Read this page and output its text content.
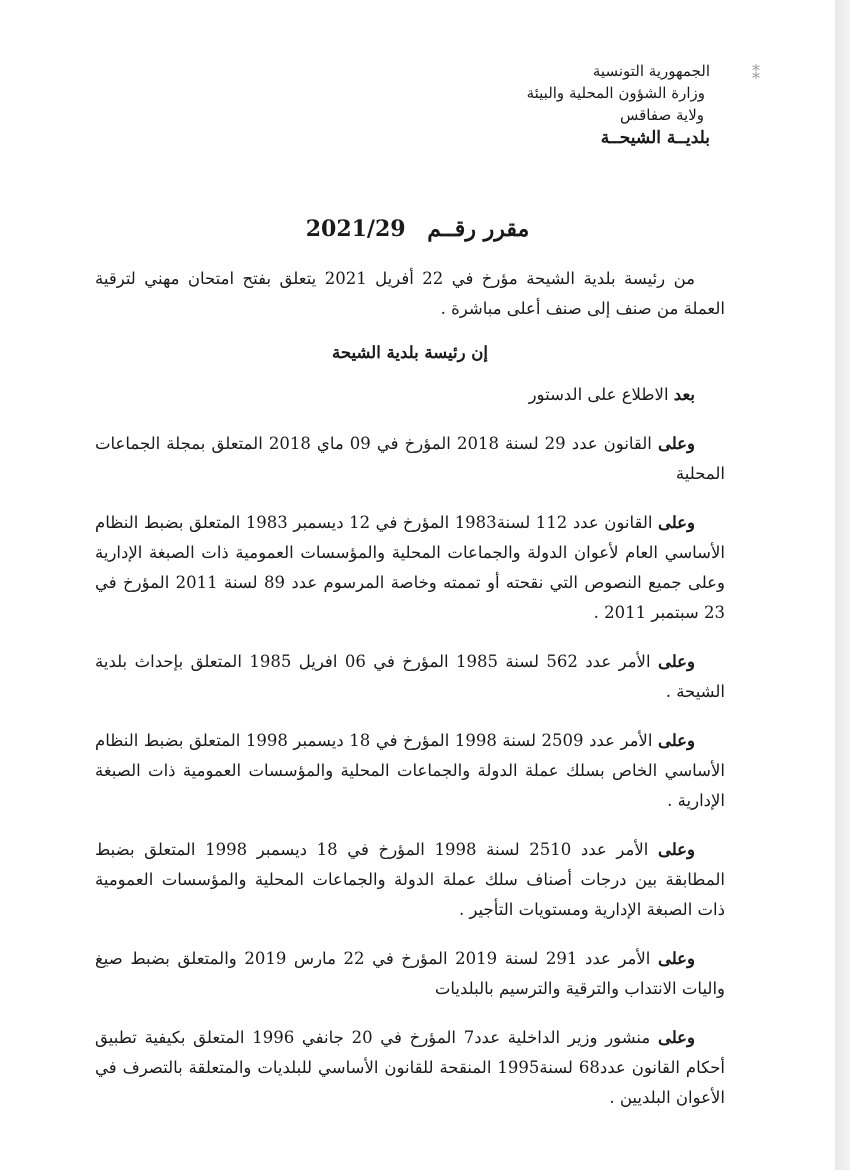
⁑
الجمهورية التونسية
وزارة الشؤون المحلية والبيئة
ولاية صفاقس
بلديــة الشيحــة
مقرر رقــم 2021/29

من رئيسة بلدية الشيحة مؤرخ في 22 أفريل 2021 يتعلق بفتح امتحان مهني لترقية العملة من صنف إلى صنف أعلى مباشرة .

إن رئيسة بلدية الشيحة

بعد الاطلاع على الدستور

وعلى القانون عدد 29 لسنة 2018 المؤرخ في 09 ماي 2018 المتعلق بمجلة الجماعات المحلية

وعلى القانون عدد 112 لسنة1983 المؤرخ في 12 ديسمبر 1983 المتعلق بضبط النظام الأساسي العام لأعوان الدولة والجماعات المحلية والمؤسسات العمومية ذات الصبغة الإدارية وعلى جميع النصوص التي نقحته أو تممته وخاصة المرسوم عدد 89 لسنة 2011 المؤرخ في 23 سبتمبر 2011 .

وعلى الأمر عدد 562 لسنة 1985 المؤرخ في 06 افريل 1985 المتعلق بإحداث بلدية الشيحة .

وعلى الأمر عدد 2509 لسنة 1998 المؤرخ في 18 ديسمبر 1998 المتعلق بضبط النظام الأساسي الخاص بسلك عملة الدولة والجماعات المحلية والمؤسسات العمومية ذات الصبغة الإدارية .

وعلى الأمر عدد 2510 لسنة 1998 المؤرخ في 18 ديسمبر 1998 المتعلق بضبط المطابقة بين درجات أصناف سلك عملة الدولة والجماعات المحلية والمؤسسات العمومية ذات الصبغة الإدارية ومستويات التأجير .

وعلى الأمر عدد 291 لسنة 2019 المؤرخ في 22 مارس 2019 والمتعلق بضبط صيغ واليات الانتداب والترقية والترسيم بالبلديات

وعلى منشور وزير الداخلية عدد7 المؤرخ في 20 جانفي 1996 المتعلق بكيفية تطبيق أحكام القانون عدد68 لسنة1995 المنقحة للقانون الأساسي للبلديات والمتعلقة بالتصرف في الأعوان البلديين .
